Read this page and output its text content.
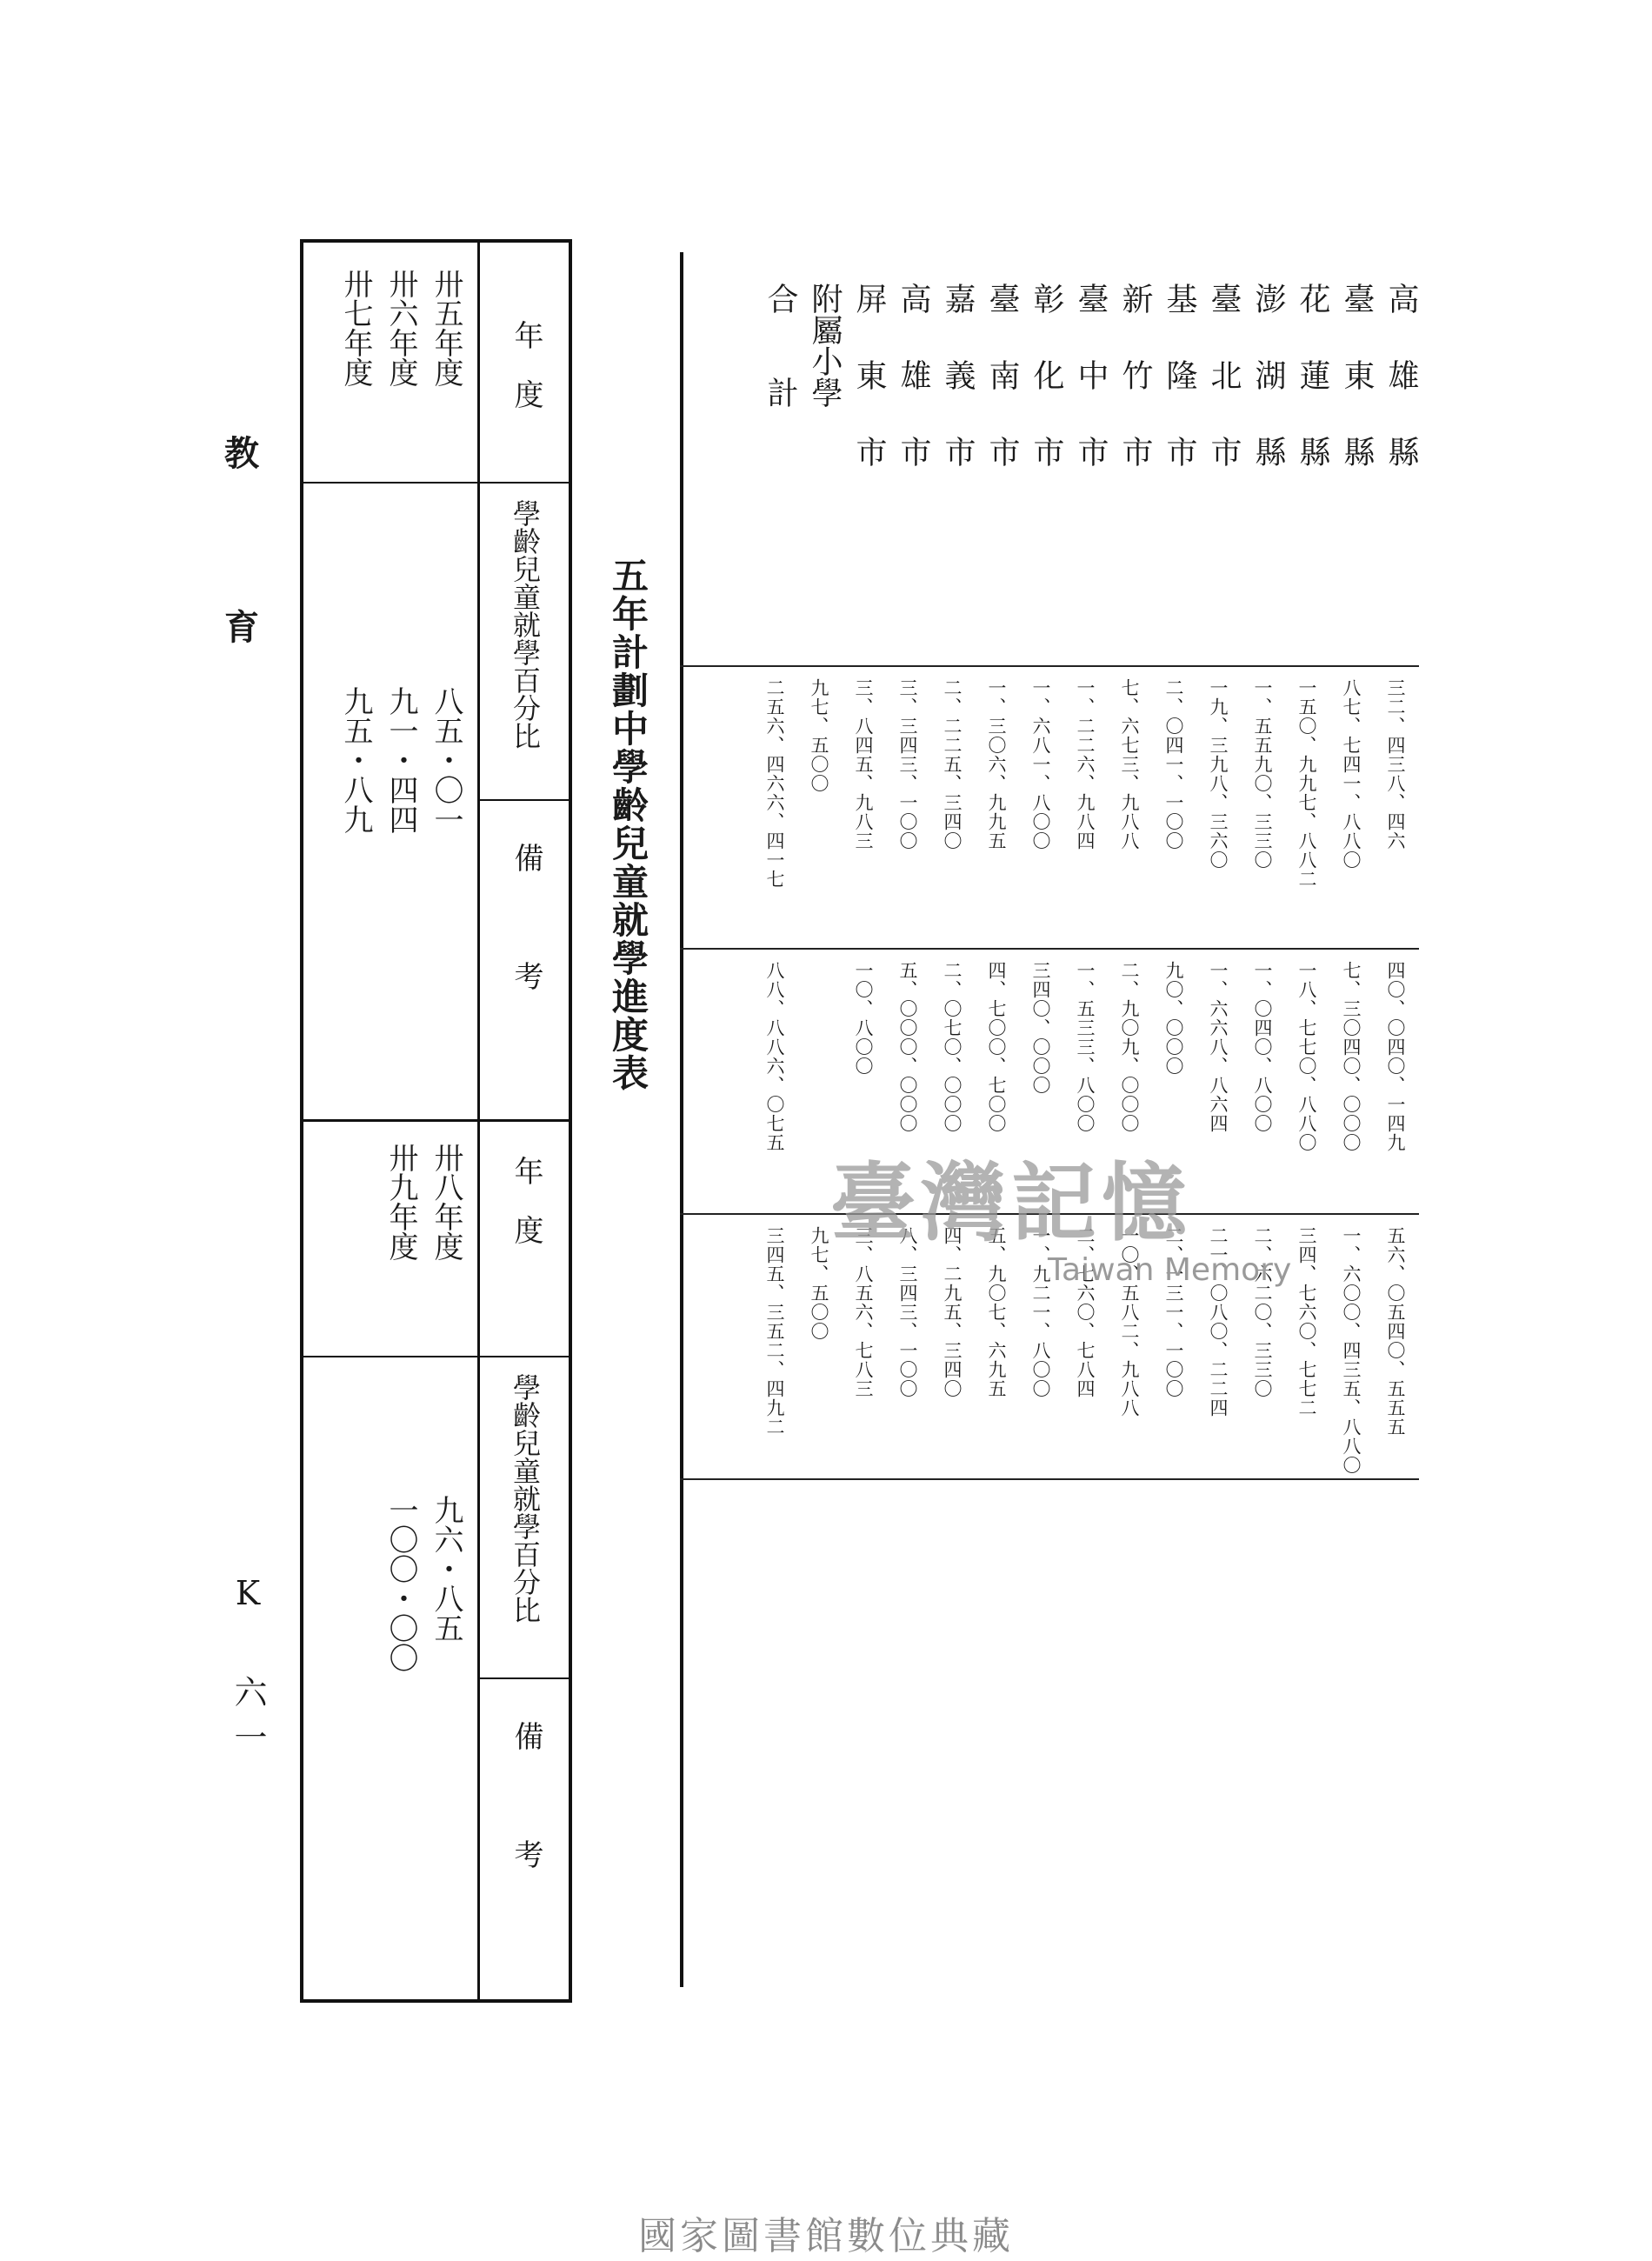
教
育
K 六一
年　度
學齡兒童就學百分比
備　　　考
卅五年度
卅六年度
卅七年度
八五・〇一
九一・四四
九五・八九
年　度
學齡兒童就學百分比
備　　　考
卅八年度
卅九年度
九六・八五
一〇〇・〇〇
五年計劃中學齡兒童就學進度表
高雄縣
三二、四三八、四六
四〇、〇四〇、一四九
五六、〇五四〇、五五五
臺東縣
八七、七四一、八八〇
七、三〇四〇、〇〇〇
一、六〇〇、四三五、八八〇
花蓮縣
一五〇、九九七、八八二
一八、七七〇、八八〇
三四、七六〇、七七二
澎湖縣
一、五五九〇、三三〇
一、〇四〇、八〇〇
二、六二〇、三三〇
臺北市
一九、三九八、三六〇
一、六六八、八六四
二一、〇八〇、二二四
基隆市
二、〇四一、一〇〇
九〇、〇〇〇
二、一三一、一〇〇
新竹市
七、六七三、九八八
二、九〇九、〇〇〇
一〇、五八二、九八八
臺中市
一、二二六、九八四
一、五三三、八〇〇
二、七六〇、七八四
彰化市
一、六八一、八〇〇
三四〇、〇〇〇
一、九二一、八〇〇
臺南市
一、三〇六、九九五
四、七〇〇、七〇〇
五、九〇七、六九五
嘉義市
二、二二五、三四〇
二、〇七〇、〇〇〇
四、二九五、三四〇
高雄市
三、三四三、一〇〇
五、〇〇〇、〇〇〇
八、三四三、一〇〇
屏東市
三、八四五、九八三
一〇、八〇〇
三、八五六、七八三
附屬小學
九七、五〇〇
九七、五〇〇
合　　計
二五六、四六六、四一七
八八、八八六、〇七五
三四五、三五二、四九二
臺灣記憶
Taiwan Memory
國家圖書館數位典藏
